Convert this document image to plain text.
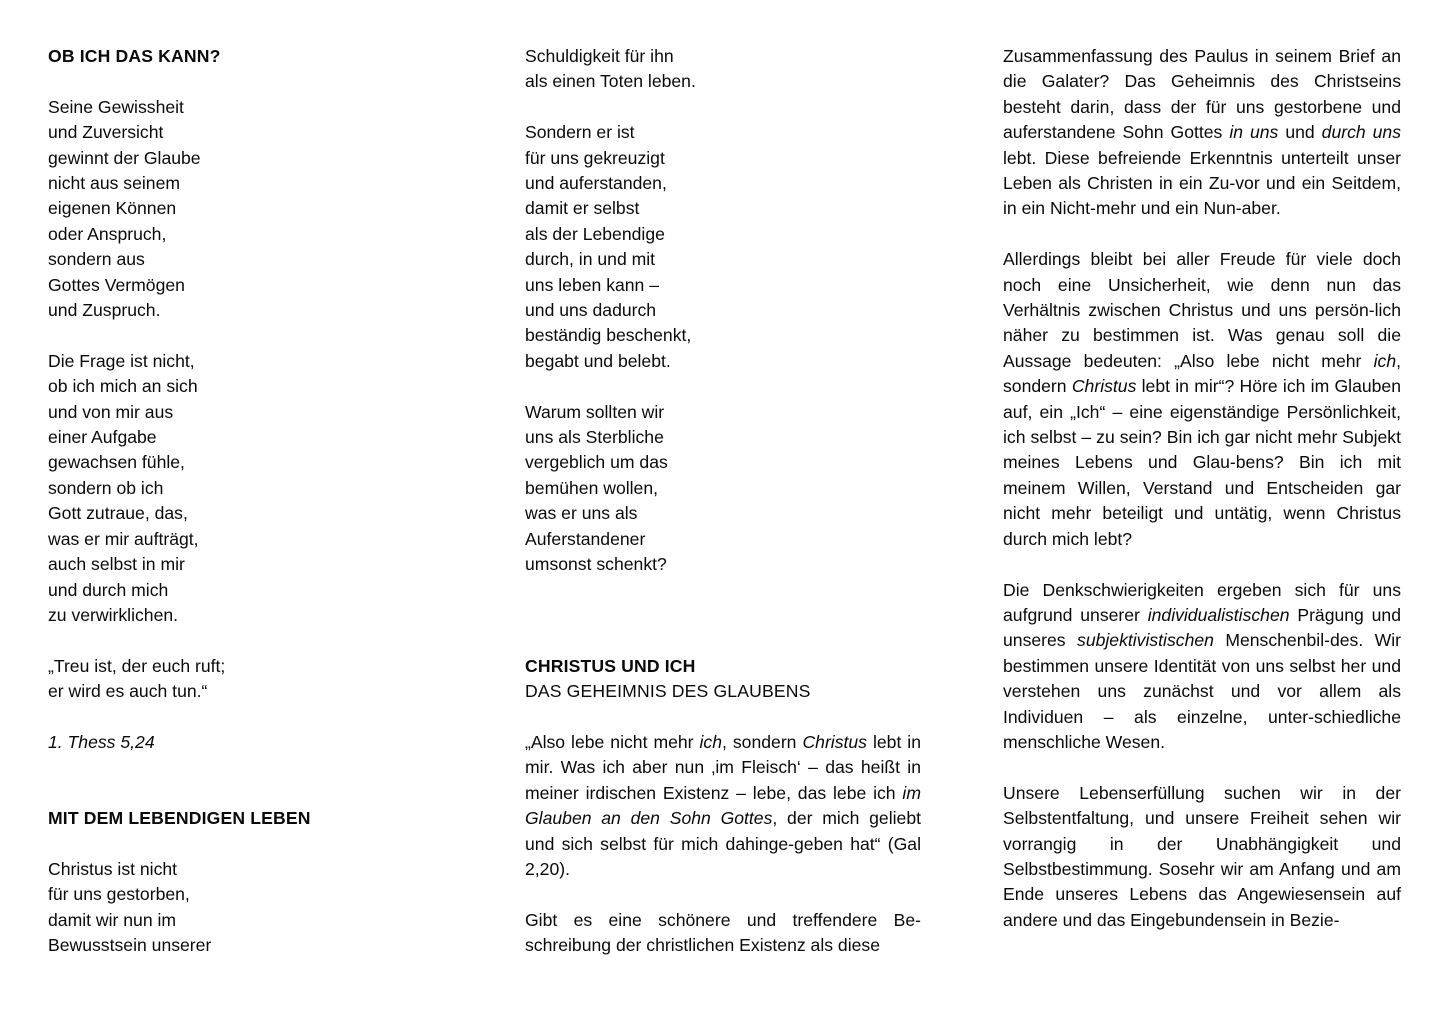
OB ICH DAS KANN?
Seine Gewissheit
und Zuversicht
gewinnt der Glaube
nicht aus seinem
eigenen Können
oder Anspruch,
sondern aus
Gottes Vermögen
und Zuspruch.
Die Frage ist nicht,
ob ich mich an sich
und von mir aus
einer Aufgabe
gewachsen fühle,
sondern ob ich
Gott zutraue, das,
was er mir aufträgt,
auch selbst in mir
und durch mich
zu verwirklichen.
„Treu ist, der euch ruft;
er wird es auch tun.“
1. Thess 5,24
MIT DEM LEBENDIGEN LEBEN
Christus ist nicht
für uns gestorben,
damit wir nun im
Bewusstsein unserer
Schuldigkeit für ihn
als einen Toten leben.
Sondern er ist
für uns gekreuzigt
und auferstanden,
damit er selbst
als der Lebendige
durch, in und mit
uns leben kann –
und uns dadurch
beständig beschenkt,
begabt und belebt.
Warum sollten wir
uns als Sterbliche
vergeblich um das
bemühen wollen,
was er uns als
Auferstandener
umsonst schenkt?
CHRISTUS UND ICH
DAS GEHEIMNIS DES GLAUBENS
„Also lebe nicht mehr ich, sondern Christus lebt in mir. Was ich aber nun ‚im Fleisch‘ – das heißt in meiner irdischen Existenz – lebe, das lebe ich im Glauben an den Sohn Gottes, der mich geliebt und sich selbst für mich dahinge-geben hat“ (Gal 2,20).
Gibt es eine schönere und treffendere Be-schreibung der christlichen Existenz als diese
Zusammenfassung des Paulus in seinem Brief an die Galater? Das Geheimnis des Christseins besteht darin, dass der für uns gestorbene und auferstandene Sohn Gottes in uns und durch uns lebt. Diese befreiende Erkenntnis unterteilt unser Leben als Christen in ein Zu-vor und ein Seitdem, in ein Nicht-mehr und ein Nun-aber.
Allerdings bleibt bei aller Freude für viele doch noch eine Unsicherheit, wie denn nun das Verhältnis zwischen Christus und uns persön-lich näher zu bestimmen ist. Was genau soll die Aussage bedeuten: „Also lebe nicht mehr ich, sondern Christus lebt in mir“? Höre ich im Glauben auf, ein „Ich“ – eine eigenständige Persönlichkeit, ich selbst – zu sein? Bin ich gar nicht mehr Subjekt meines Lebens und Glau-bens? Bin ich mit meinem Willen, Verstand und Entscheiden gar nicht mehr beteiligt und untätig, wenn Christus durch mich lebt?
Die Denkschwierigkeiten ergeben sich für uns aufgrund unserer individualistischen Prägung und unseres subjektivistischen Menschenbil-des. Wir bestimmen unsere Identität von uns selbst her und verstehen uns zunächst und vor allem als Individuen – als einzelne, unter-schiedliche menschliche Wesen.
Unsere Lebenserfüllung suchen wir in der Selbstentfaltung, und unsere Freiheit sehen wir vorrangig in der Unabhängigkeit und Selbstbestimmung. Sosehr wir am Anfang und am Ende unseres Lebens das Angewiesensein auf andere und das Eingebundensein in Bezie-
